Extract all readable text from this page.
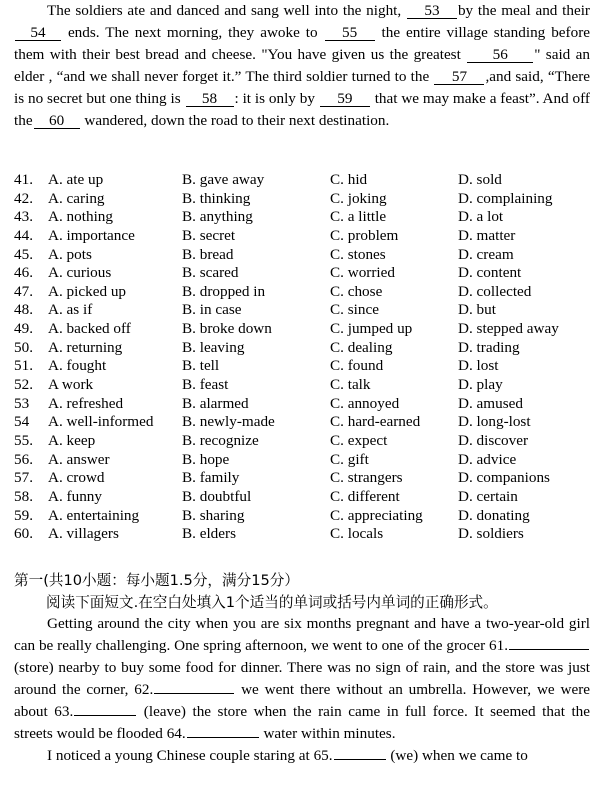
The soldiers ate and danced and sang well into the night, 53 by the meal and their 54 ends. The next morning, they awoke to 55 the entire village standing before them with their best bread and cheese. "You have given us the greatest 56 " said an elder , “and we shall never forget it.” The third soldier turned to the 57 ,and said, “There is no secret but one thing is 58 : it is only by 59 that we may make a feast”. And off the 60 wandered, down the road to their next destination.
41. A. ate up	B. gave away	C. hid	D. sold
42. A. caring	B. thinking	C. joking	D. complaining
43. A. nothing	B. anything	C. a little	D. a lot
44. A. importance	B. secret	C. problem	D. matter
45. A. pots	B. bread	C. stones	D. cream
46. A. curious	B. scared	C. worried	D. content
47. A. picked up	B. dropped in	C. chose	D. collected
48. A. as if	B. in case	C. since	D. but
49. A. backed off	B. broke down	C. jumped up	D. stepped away
50. A. returning	B. leaving	C. dealing	D. trading
51. A. fought	B. tell	C. found	D. lost
52. A work	B. feast	C. talk	D. play
53 A. refreshed	B. alarmed	C. annoyed	D. amused
54 A. well-informed B. newly-made	C. hard-earned D. long-lost
55. A. keep	B. recognize	C. expect	D. discover
56. A. answer	B. hope	C. gift	D. advice
57. A. crowd	B. family	C. strangers	D. companions
58. A. funny	B. doubtful	C. different	D. certain
59. A. entertaining	B. sharing	C. appreciating D. donating
60. A. villagers	B. elders	C. locals	D. soldiers
第一(共10小题：每小题1.5分，满分15分）
阅读下面短文.在空白处填入1个适当的单词或括号内单词的正确形式。
Getting around the city when you are six months pregnant and have a two-year-old girl can be really challenging. One spring afternoon, we went to one of the grocer 61. (store) nearby to buy some food for dinner. There was no sign of rain, and the store was just around the corner, 62.	we went there without an umbrella. However, we were about 63.	(leave) the store when the rain came in full force. It seemed that the streets would be flooded 64.	water within minutes.
I noticed a young Chinese couple staring at 65.	(we) when we came to
